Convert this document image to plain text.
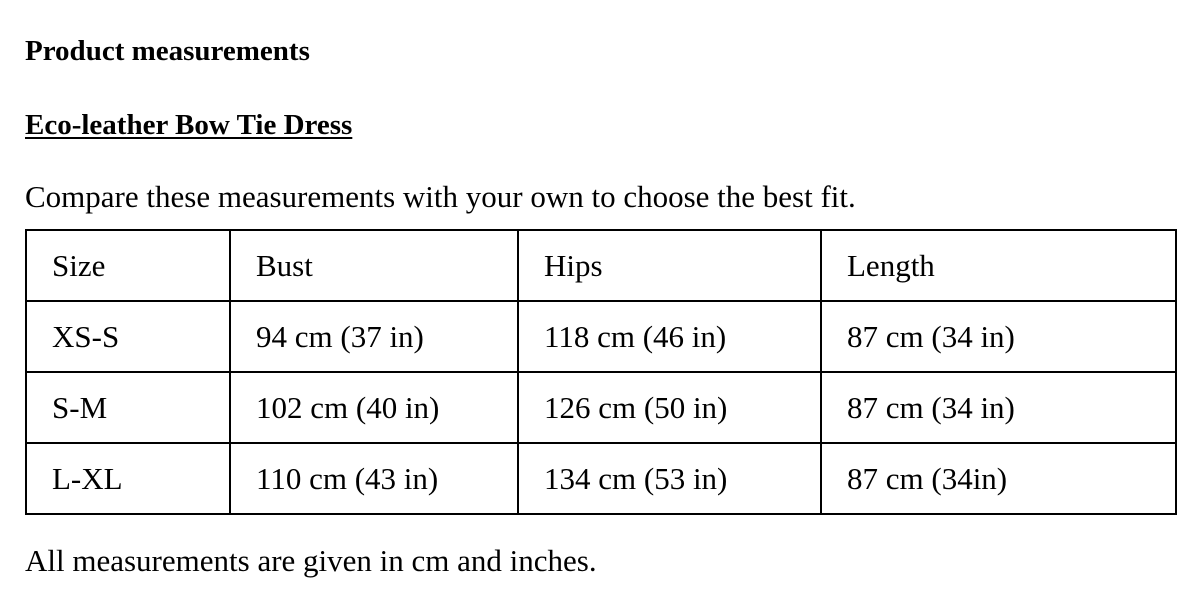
Product measurements
Eco-leather Bow Tie Dress
Compare these measurements with your own to choose the best fit.
Size	Bust	Hips	Length
XS-S	94 cm (37 in)	118 cm (46 in)	87 cm (34 in)
S-M	102 cm (40 in)	126 cm (50 in)	87 cm (34 in)
L-XL	110 cm (43 in)	134 cm (53 in)	87 cm (34in)
All measurements are given in cm and inches.
